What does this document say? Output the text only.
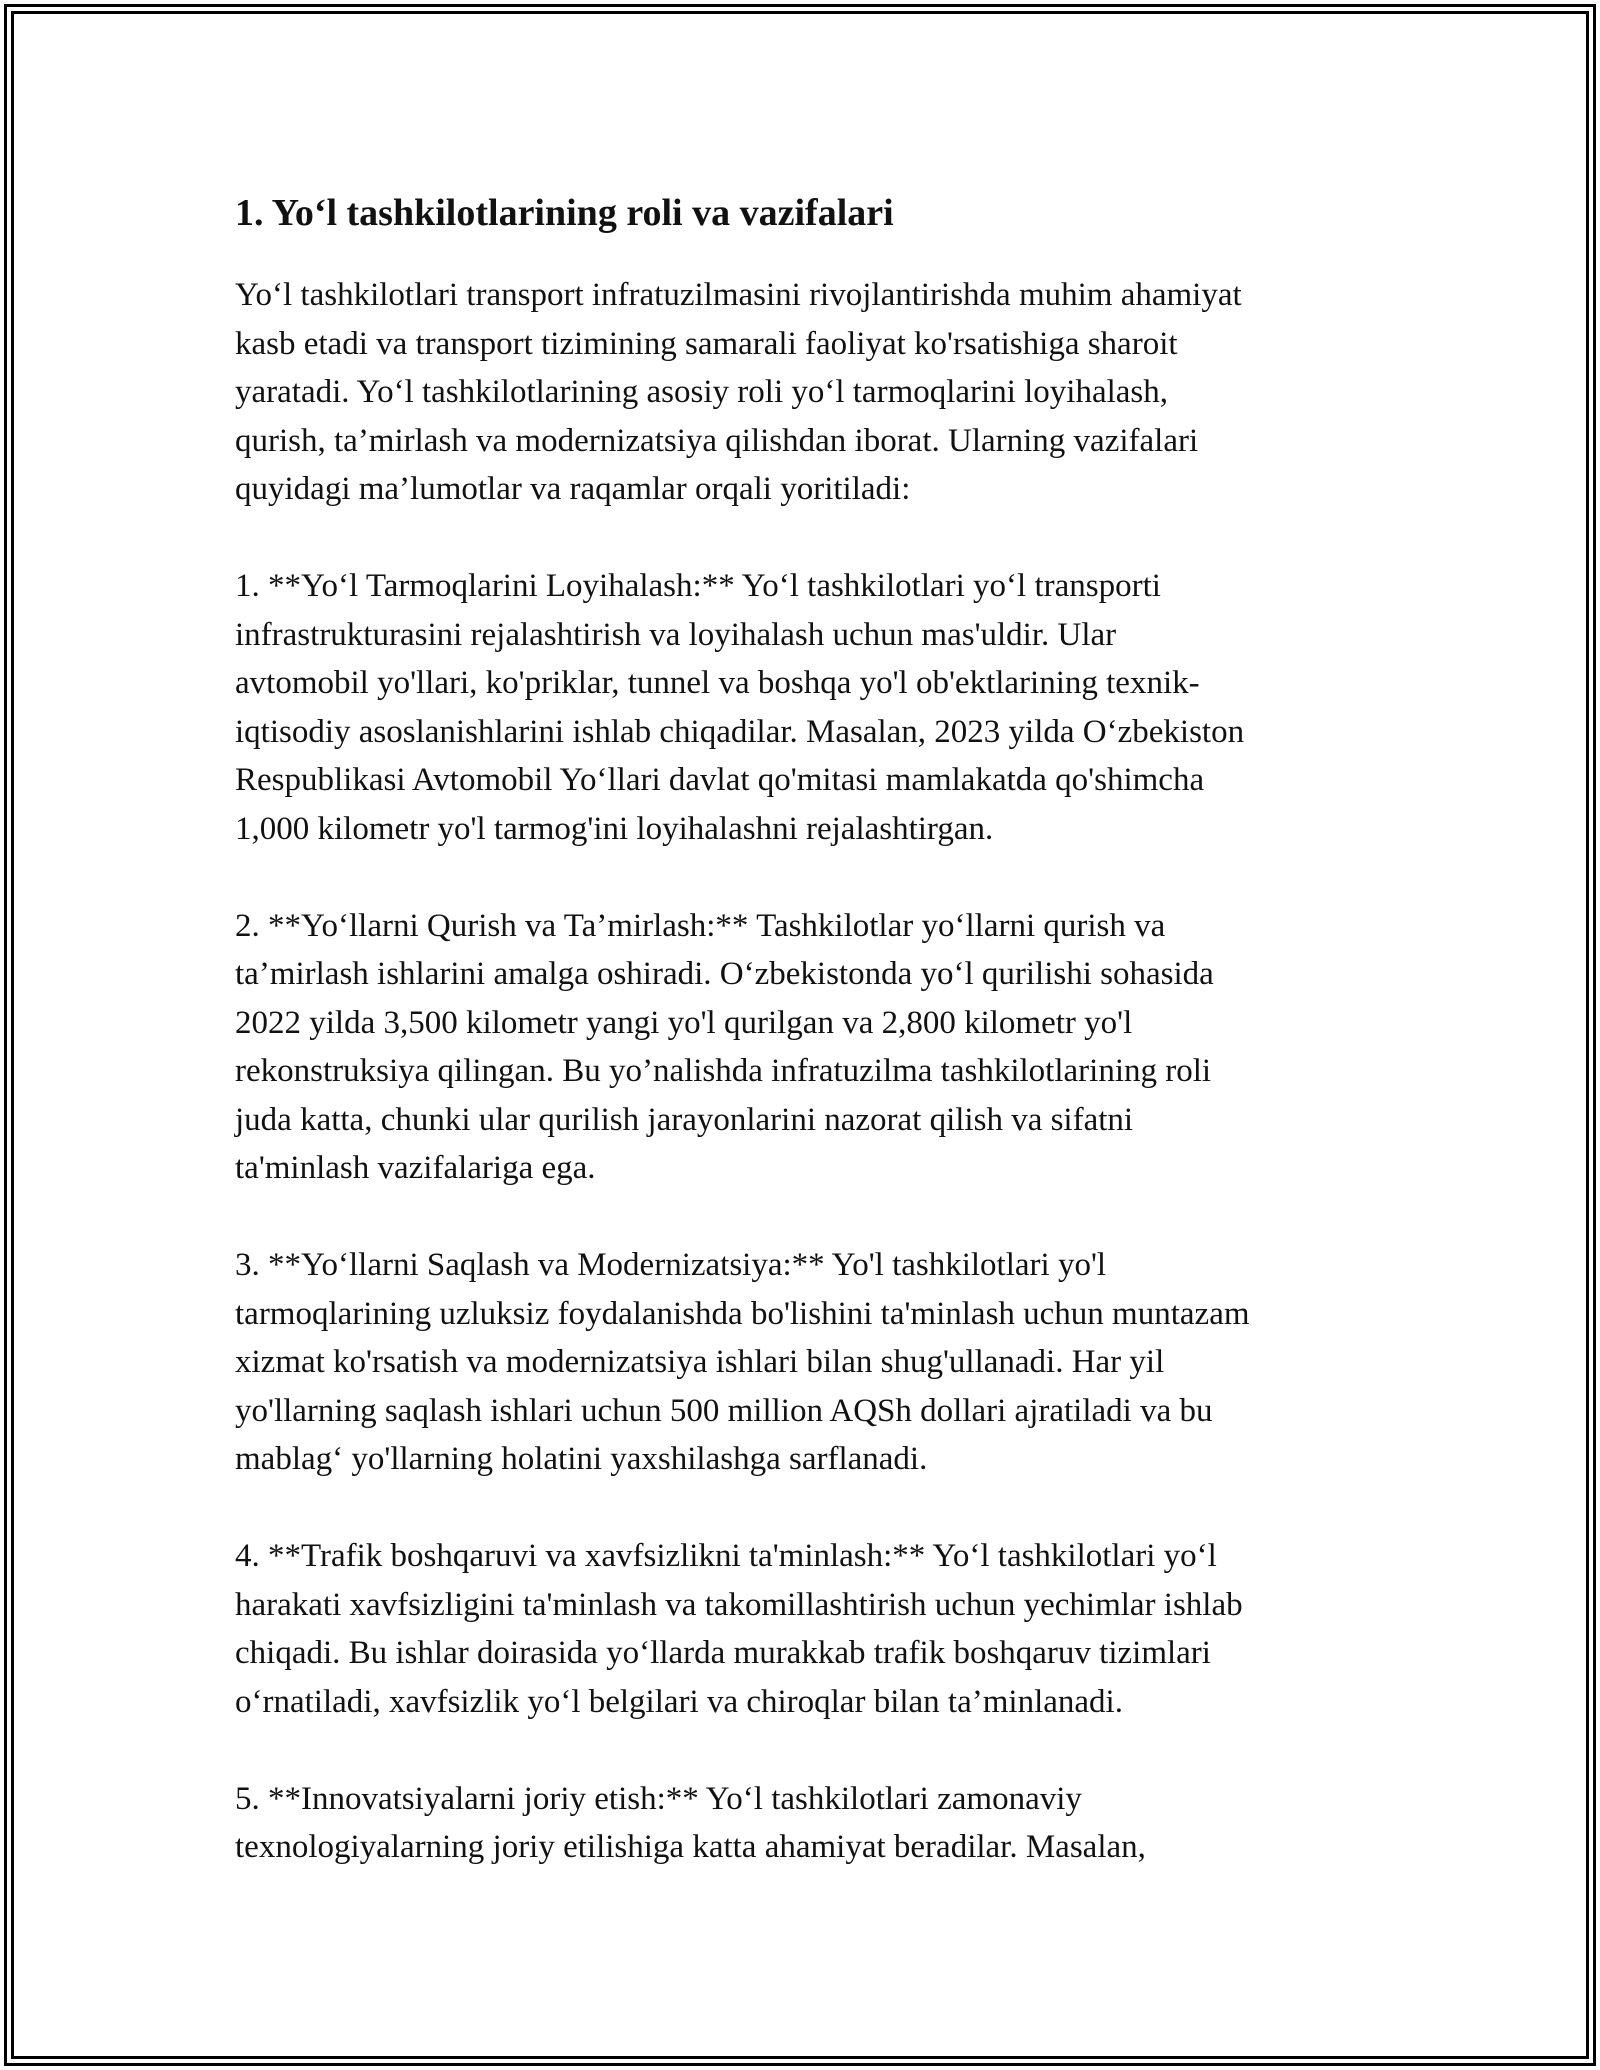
1. Yo‘l tashkilotlarining roli va vazifalari

Yo‘l tashkilotlari transport infratuzilmasini rivojlantirishda muhim ahamiyat
kasb etadi va transport tizimining samarali faoliyat ko'rsatishiga sharoit
yaratadi. Yo‘l tashkilotlarining asosiy roli yo‘l tarmoqlarini loyihalash,
qurish, ta’mirlash va modernizatsiya qilishdan iborat. Ularning vazifalari
quyidagi ma’lumotlar va raqamlar orqali yoritiladi:

1. **Yo‘l Tarmoqlarini Loyihalash:** Yo‘l tashkilotlari yo‘l transporti
infrastrukturasini rejalashtirish va loyihalash uchun mas'uldir. Ular
avtomobil yo'llari, ko'priklar, tunnel va boshqa yo'l ob'ektlarining texnik-
iqtisodiy asoslanishlarini ishlab chiqadilar. Masalan, 2023 yilda O‘zbekiston
Respublikasi Avtomobil Yo‘llari davlat qo'mitasi mamlakatda qo'shimcha
1,000 kilometr yo'l tarmog'ini loyihalashni rejalashtirgan.

2. **Yo‘llarni Qurish va Ta’mirlash:** Tashkilotlar yo‘llarni qurish va
ta’mirlash ishlarini amalga oshiradi. O‘zbekistonda yo‘l qurilishi sohasida
2022 yilda 3,500 kilometr yangi yo'l qurilgan va 2,800 kilometr yo'l
rekonstruksiya qilingan. Bu yo’nalishda infratuzilma tashkilotlarining roli
juda katta, chunki ular qurilish jarayonlarini nazorat qilish va sifatni
ta'minlash vazifalariga ega.

3. **Yo‘llarni Saqlash va Modernizatsiya:** Yo'l tashkilotlari yo'l
tarmoqlarining uzluksiz foydalanishda bo'lishini ta'minlash uchun muntazam
xizmat ko'rsatish va modernizatsiya ishlari bilan shug'ullanadi. Har yil
yo'llarning saqlash ishlari uchun 500 million AQSh dollari ajratiladi va bu
mablag‘ yo'llarning holatini yaxshilashga sarflanadi.

4. **Trafik boshqaruvi va xavfsizlikni ta'minlash:** Yo‘l tashkilotlari yo‘l
harakati xavfsizligini ta'minlash va takomillashtirish uchun yechimlar ishlab
chiqadi. Bu ishlar doirasida yo‘llarda murakkab trafik boshqaruv tizimlari
o‘rnatiladi, xavfsizlik yo‘l belgilari va chiroqlar bilan ta’minlanadi.

5. **Innovatsiyalarni joriy etish:** Yo‘l tashkilotlari zamonaviy
texnologiyalarning joriy etilishiga katta ahamiyat beradilar. Masalan,
